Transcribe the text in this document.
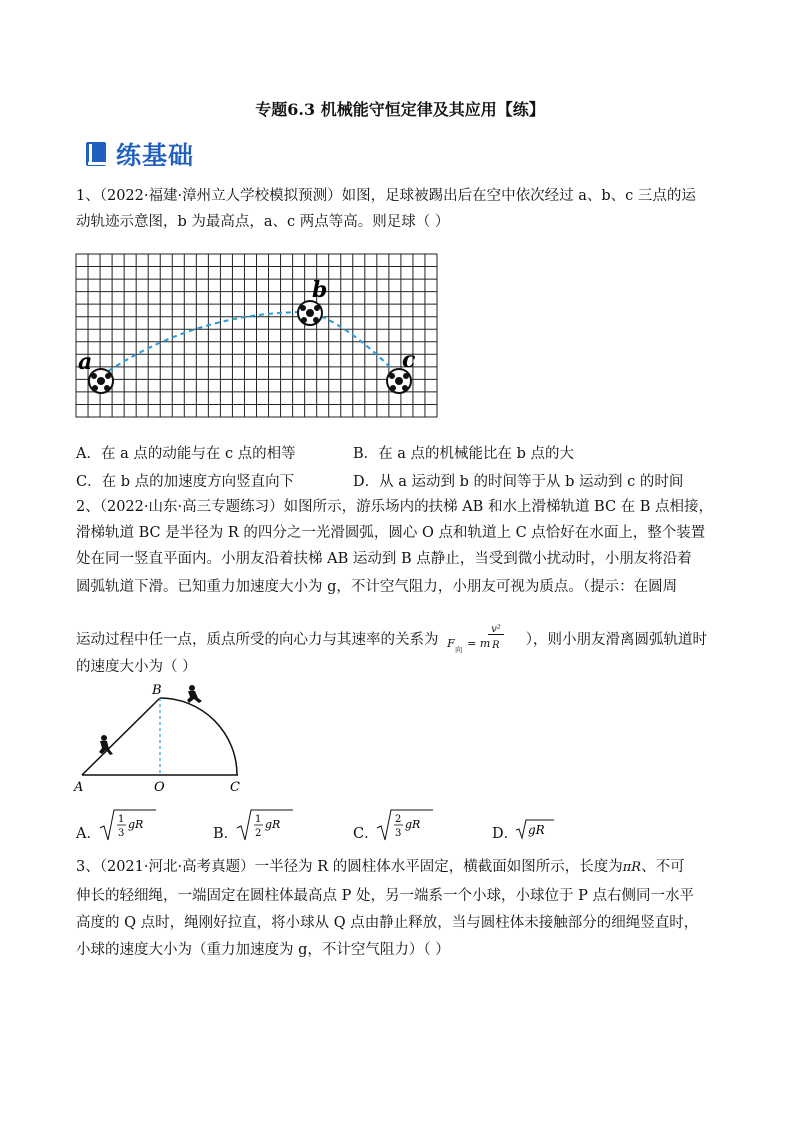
专题6.3 机械能守恒定律及其应用【练】
练基础
1、（2022·福建·漳州立人学校模拟预测）如图，足球被踢出后在空中依次经过 a、b、c 三点的运
动轨迹示意图，b 为最高点，a、c 两点等高。则足球（ ）
a
b
c
A．在 a 点的动能与在 c 点的相等	B．在 a 点的机械能比在 b 点的大
C．在 b 点的加速度方向竖直向下	D．从 a 运动到 b 的时间等于从 b 运动到 c 的时间
2、（2022·山东·高三专题练习）如图所示，游乐场内的扶梯 AB 和水上滑梯轨道 BC 在 B 点相接，
滑梯轨道 BC 是半径为 R 的四分之一光滑圆弧，圆心 O 点和轨道上 C 点恰好在水面上，整个装置
处在同一竖直平面内。小朋友沿着扶梯 AB 运动到 B 点静止，当受到微小扰动时，小朋友将沿着
圆弧轨道下滑。已知重力加速度大小为 g，不计空气阻力，小朋友可视为质点。（提示：在圆周
运动过程中任一点，质点所受的向心力与其速率的关系为 F 向 = m
v²
R ），则小朋友滑离圆弧轨道时
的速度大小为（ ）
B
A	O	C
A．
1
3
gR
B．
1
2
gR
C．
2
3
gR
D． gR
3、（2021·河北·高考真题）一半径为 R 的圆柱体水平固定，横截面如图所示，长度为πR、不可
伸长的轻细绳，一端固定在圆柱体最高点 P 处，另一端系一个小球，小球位于 P 点右侧同一水平
高度的 Q 点时，绳刚好拉直，将小球从 Q 点由静止释放，当与圆柱体未接触部分的细绳竖直时，
小球的速度大小为（重力加速度为 g，不计空气阻力）（ ）
